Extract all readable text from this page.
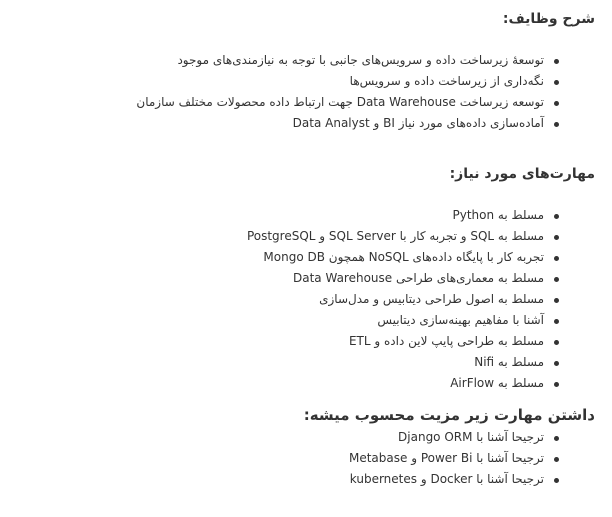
شرح وظایف:
توسعهٔ زیرساخت داده و سرویس‌های جانبی با توجه به نیازمندی‌های موجود
نگه‌داری از زیرساخت داده و سرویس‌ها
توسعه زیرساخت Data Warehouse جهت ارتباط داده محصولات مختلف سازمان
آماده‌سازی داده‌های مورد نیاز BI و Data Analyst
مهارت‌های مورد نیاز:
مسلط به Python
مسلط به SQL و تجربه کار با SQL Server و PostgreSQL
تجربه کار با پایگاه داده‌های NoSQL همچون Mongo DB
مسلط به معماری‌های طراحی Data Warehouse
مسلط به اصول طراحی دیتابیس و مدل‌سازی
آشنا با مفاهیم بهینه‌سازی دیتابیس
مسلط به طراحی پایپ لاین داده و ETL
مسلط به Nifi
مسلط به AirFlow
داشتن مهارت زیر مزیت محسوب میشه:
ترجیحا آشنا با Django ORM
ترجیحا آشنا با Power Bi و Metabase
ترجیحا آشنا با Docker و kubernetes
